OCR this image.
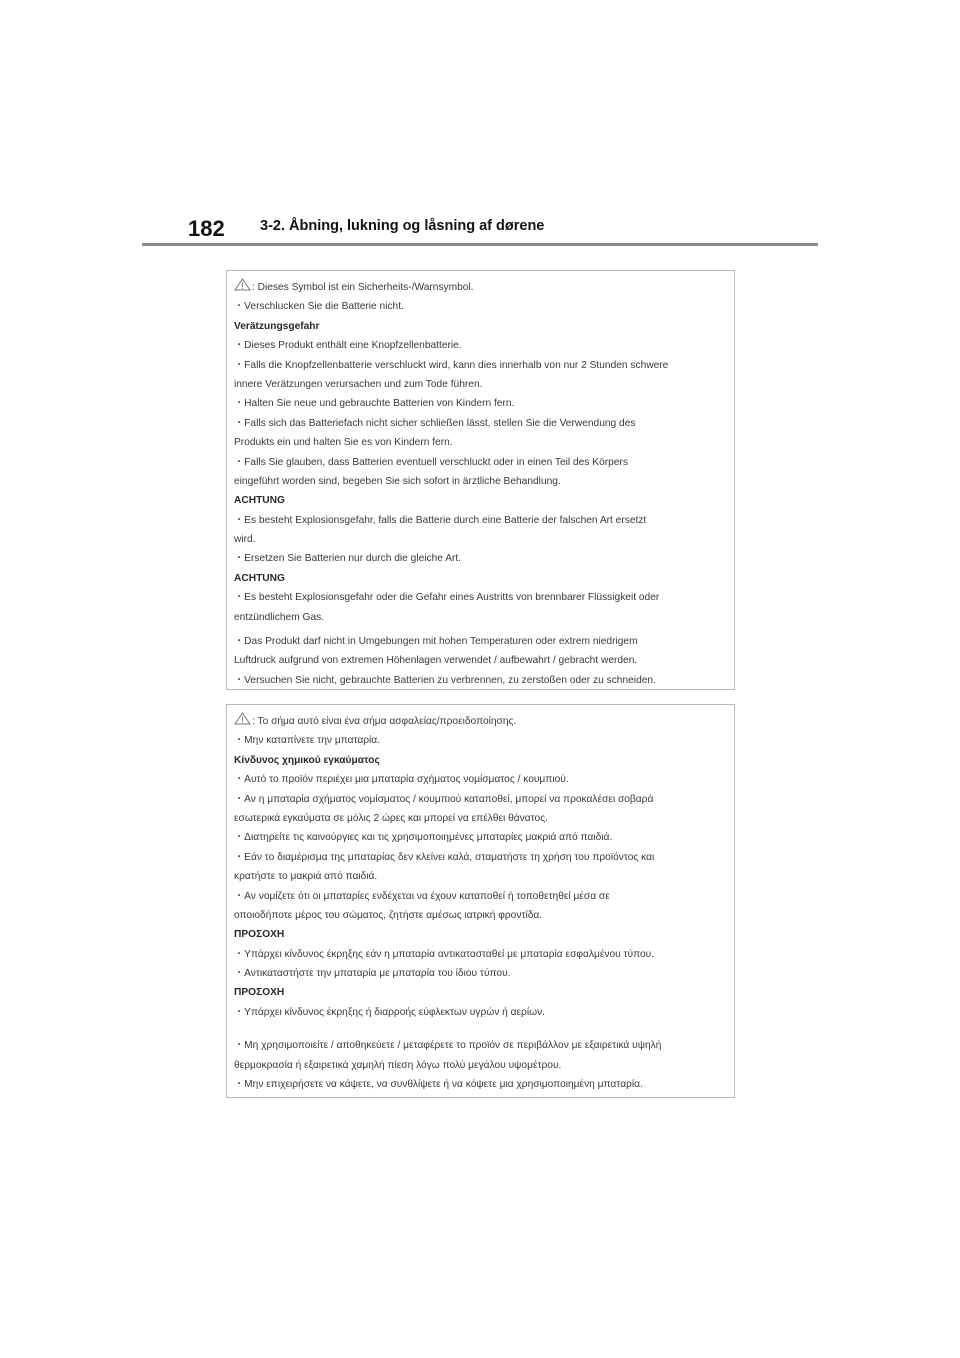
182 3-2. Åbning, lukning og låsning af dørene
: Dieses Symbol ist ein Sicherheits-/Warnsymbol.
・Verschlucken Sie die Batterie nicht.
Verätzungsgefahr
・Dieses Produkt enthält eine Knopfzellenbatterie.
・Falls die Knopfzellenbatterie verschluckt wird, kann dies innerhalb von nur 2 Stunden schwere
innere Verätzungen verursachen und zum Tode führen.
・Halten Sie neue und gebrauchte Batterien von Kindern fern.
・Falls sich das Batteriefach nicht sicher schließen lässt, stellen Sie die Verwendung des
Produkts ein und halten Sie es von Kindern fern.
・Falls Sie glauben, dass Batterien eventuell verschluckt oder in einen Teil des Körpers
eingeführt worden sind, begeben Sie sich sofort in ärztliche Behandlung.
ACHTUNG
・Es besteht Explosionsgefahr, falls die Batterie durch eine Batterie der falschen Art ersetzt
wird.
・Ersetzen Sie Batterien nur durch die gleiche Art.
ACHTUNG
・Es besteht Explosionsgefahr oder die Gefahr eines Austritts von brennbarer Flüssigkeit oder
entzündlichem Gas.
・Das Produkt darf nicht in Umgebungen mit hohen Temperaturen oder extrem niedrigem
Luftdruck aufgrund von extremen Höhenlagen verwendet / aufbewahrt / gebracht werden.
・Versuchen Sie nicht, gebrauchte Batterien zu verbrennen, zu zerstoßen oder zu schneiden.
: Το σήμα αυτό είναι ένα σήμα ασφαλείας/προειδοποίησης.
・Μην καταπίνετε την μπαταρία.
Κίνδυνος χημικού εγκαύματος
・Αυτό το προϊόν περιέχει μια μπαταρία σχήματος νομίσματος / κουμπιού.
・Αν η μπαταρία σχήματος νομίσματος / κουμπιού καταποθεί, μπορεί να προκαλέσει σοβαρά
εσωτερικά εγκαύματα σε μόλις 2 ώρες και μπορεί να επέλθει θάνατος.
・Διατηρείτε τις καινούργιες και τις χρησιμοποιημένες μπαταρίες μακριά από παιδιά.
・Εάν το διαμέρισμα της μπαταρίας δεν κλείνει καλά, σταματήστε τη χρήση του προϊόντος και
κρατήστε το μακριά από παιδιά.
・Αν νομίζετε ότι οι μπαταρίες ενδέχεται να έχουν καταποθεί ή τοποθετηθεί μέσα σε
οποιοδήποτε μέρος του σώματος, ζητήστε αμέσως ιατρική φροντίδα.
ΠΡΟΣΟΧΗ
・Υπάρχει κίνδυνος έκρηξης εάν η μπαταρία αντικατασταθεί με μπαταρία εσφαλμένου τύπου.
・Αντικαταστήστε την μπαταρία με μπαταρία του ίδιου τύπου.
ΠΡΟΣΟΧΗ
・Υπάρχει κίνδυνος έκρηξης ή διαρροής εύφλεκτων υγρών ή αερίων.
・Μη χρησιμοποιείτε / αποθηκεύετε / μεταφέρετε το προϊόν σε περιβάλλον με εξαιρετικά υψηλή
θερμοκρασία ή εξαιρετικά χαμηλή πίεση λόγω πολύ μεγάλου υψομέτρου.
・Μην επιχειρήσετε να κάψετε, να συνθλίψετε ή να κόψετε μια χρησιμοποιημένη μπαταρία.
